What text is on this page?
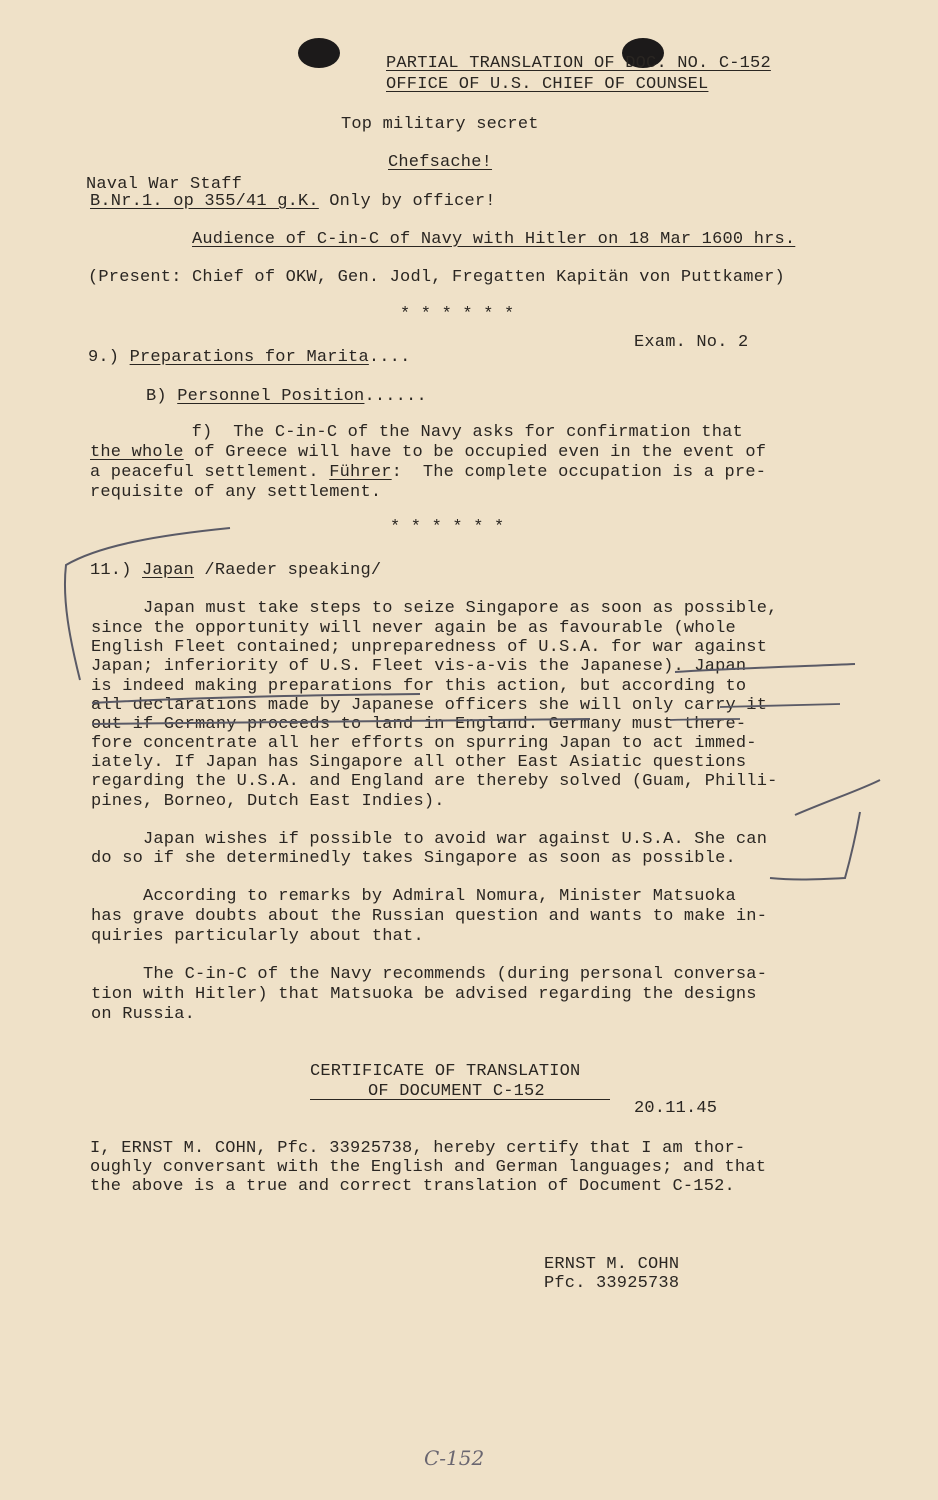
PARTIAL TRANSLATION OF DOC. NO. C-152
OFFICE OF U.S. CHIEF OF COUNSEL
Top military secret
Chefsache!
Naval War Staff
B.Nr.1. op 355/41 g.K. Only by officer!
Audience of C-in-C of Navy with Hitler on 18 Mar 1600 hrs.
(Present: Chief of OKW, Gen. Jodl, Fregatten Kapitän von Puttkamer)
* * * * * *
Exam. No. 2
9.) Preparations for Marita....
B) Personnel Position......
f)  The C-in-C of the Navy asks for confirmation that
the whole of Greece will have to be occupied even in the event of
a peaceful settlement. Führer:  The complete occupation is a pre-
requisite of any settlement.
* * * * * *
11.) Japan /Raeder speaking/
Japan must take steps to seize Singapore as soon as possible,
since the opportunity will never again be as favourable (whole
English Fleet contained; unpreparedness of U.S.A. for war against
Japan; inferiority of U.S. Fleet vis-a-vis the Japanese). Japan
is indeed making preparations for this action, but according to
all declarations made by Japanese officers she will only carry it
out if Germany proceeds to land in England. Germany must there-
fore concentrate all her efforts on spurring Japan to act immed-
iately. If Japan has Singapore all other East Asiatic questions
regarding the U.S.A. and England are thereby solved (Guam, Philli-
pines, Borneo, Dutch East Indies).
Japan wishes if possible to avoid war against U.S.A. She can
do so if she determinedly takes Singapore as soon as possible.
According to remarks by Admiral Nomura, Minister Matsuoka
has grave doubts about the Russian question and wants to make in-
quiries particularly about that.
The C-in-C of the Navy recommends (during personal conversa-
tion with Hitler) that Matsuoka be advised regarding the designs
on Russia.
CERTIFICATE OF TRANSLATION
OF DOCUMENT C-152
20.11.45
I, ERNST M. COHN, Pfc. 33925738, hereby certify that I am thor-
oughly conversant with the English and German languages; and that
the above is a true and correct translation of Document C-152.
ERNST M. COHN
Pfc. 33925738
C-152
